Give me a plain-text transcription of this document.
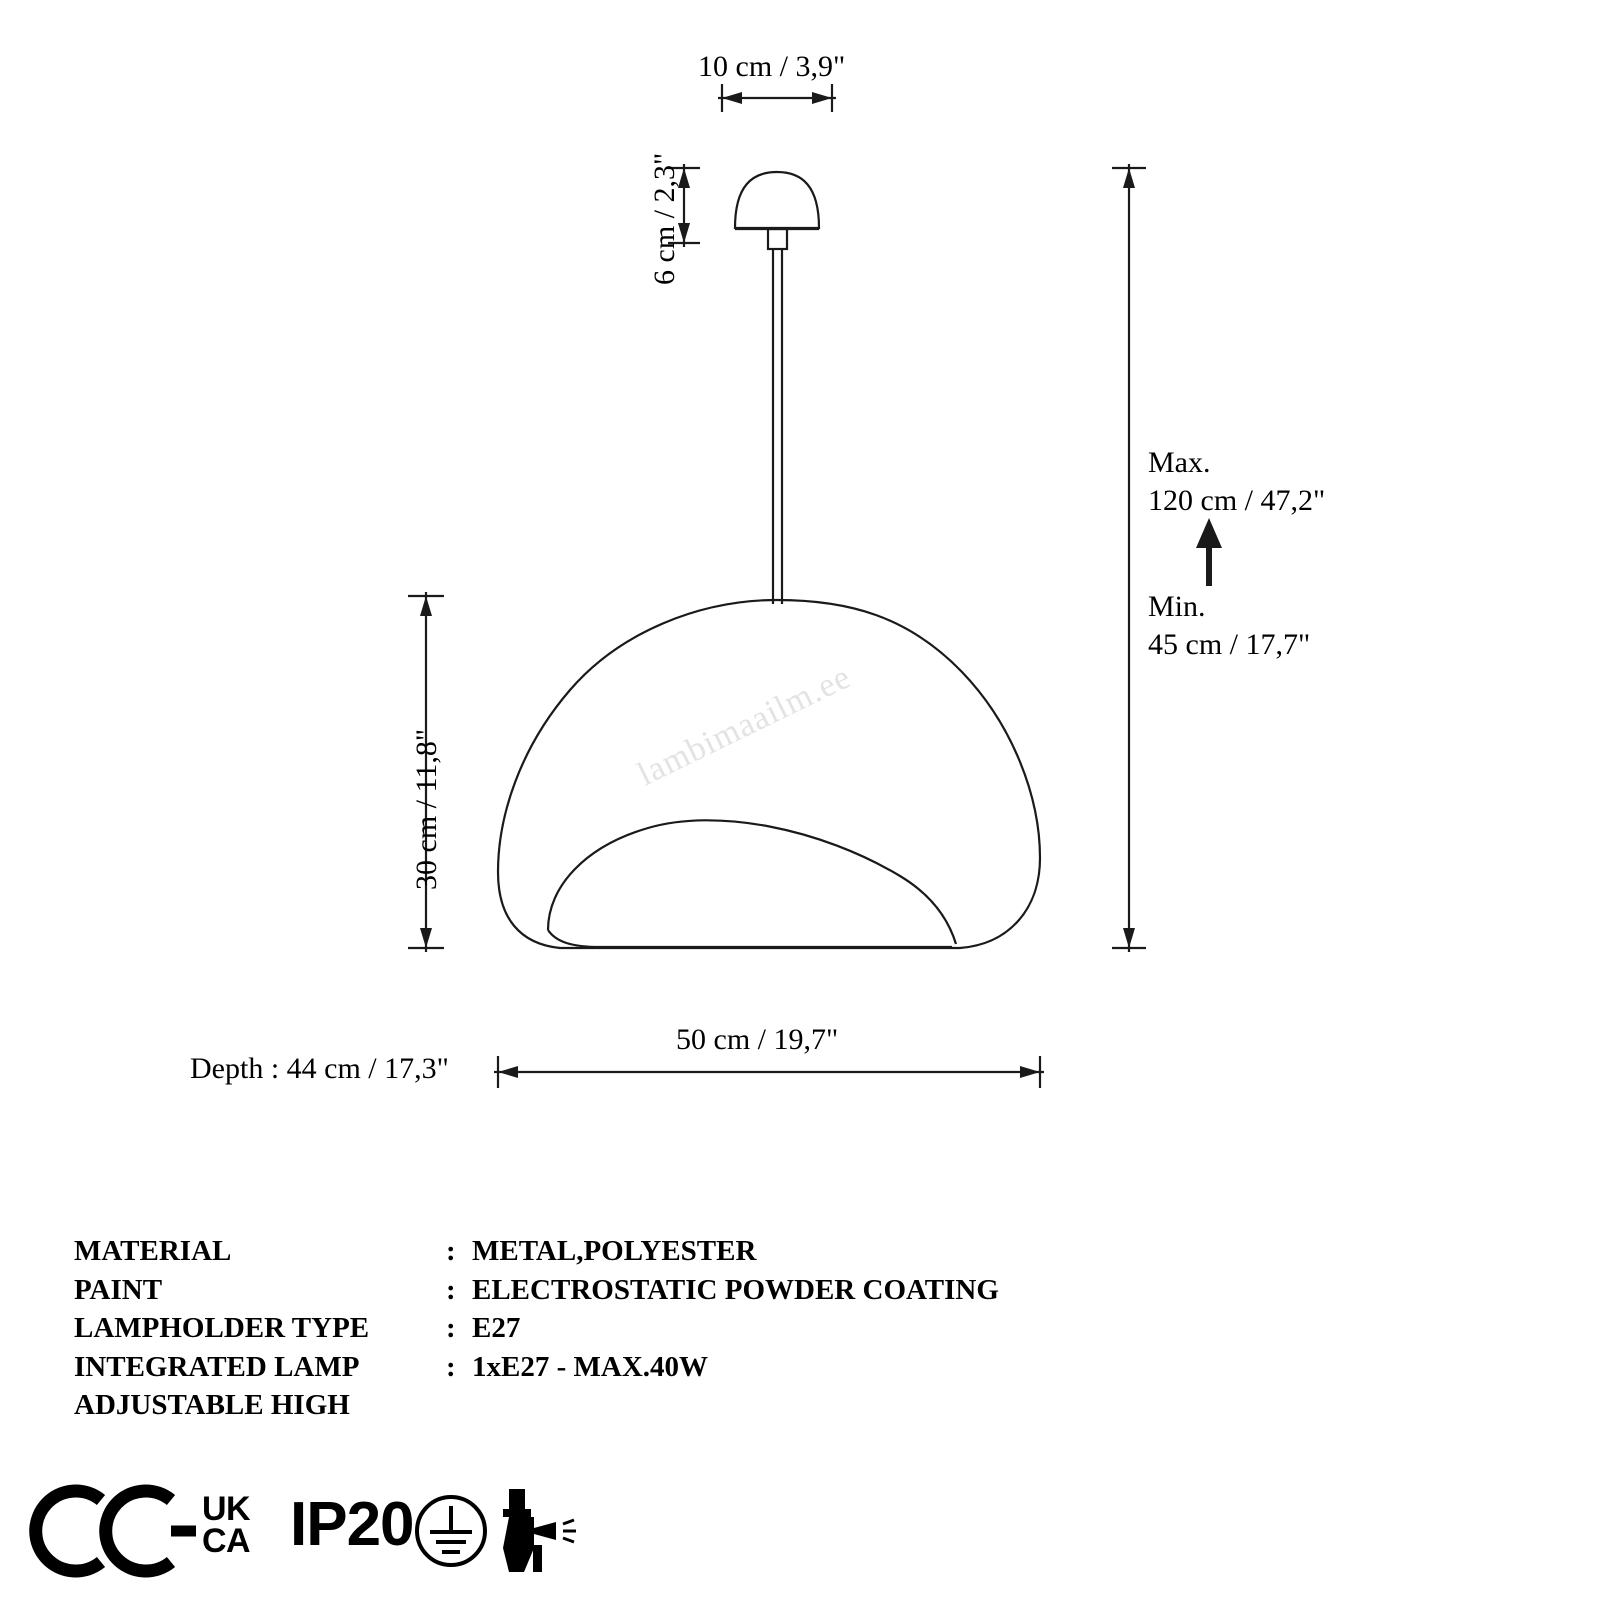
10 cm / 3,9"
6 cm / 2,3"
30 cm / 11,8"
Max.
120 cm / 47,2"
Min.
45 cm / 17,7"
50 cm / 19,7"
Depth : 44 cm / 17,3"
lambimaailm.ee
MATERIAL	: METAL,POLYESTER
PAINT	: ELECTROSTATIC POWDER COATING
LAMPHOLDER TYPE	: E27
INTEGRATED LAMP	: 1xE27 - MAX.40W
ADJUSTABLE HIGH
UK
CA IP20
